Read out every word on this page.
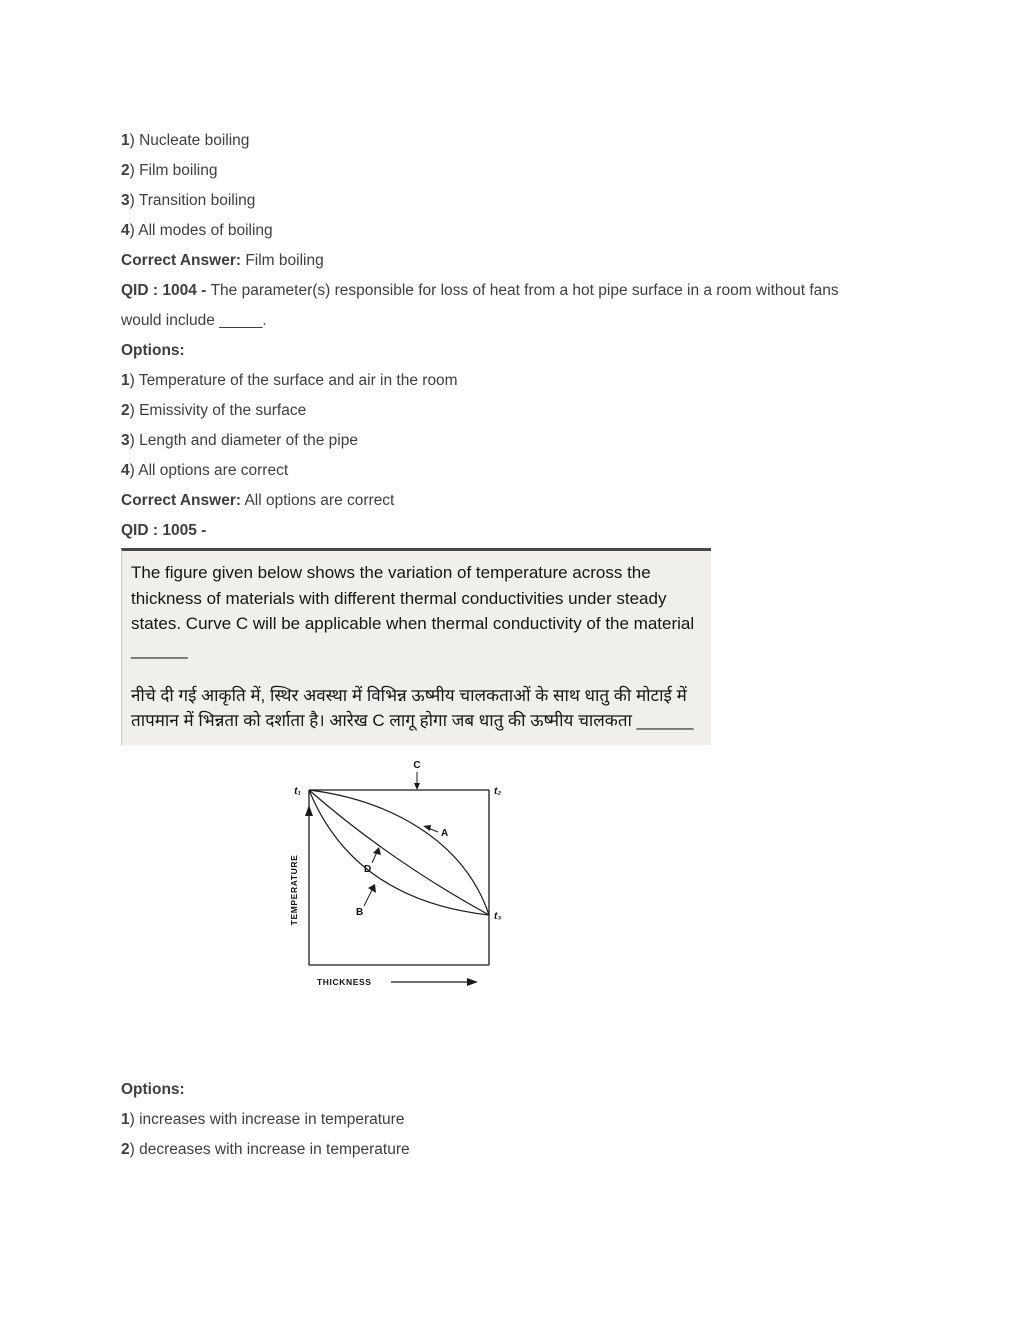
1) Nucleate boiling
2) Film boiling
3) Transition boiling
4) All modes of boiling
Correct Answer: Film boiling
QID : 1004 - The parameter(s) responsible for loss of heat from a hot pipe surface in a room without fans would include _____.
Options:
1) Temperature of the surface and air in the room
2) Emissivity of the surface
3) Length and diameter of the pipe
4) All options are correct
Correct Answer: All options are correct
QID : 1005 -

The figure given below shows the variation of temperature across the thickness of materials with different thermal conductivities under steady states. Curve C will be applicable when thermal conductivity of the material ______

नीचे दी गई आकृति में, स्थिर अवस्था में विभिन्न ऊष्मीय चालकताओं के साथ धातु की मोटाई में तापमान में भिन्नता को दर्शाता है। आरेख C लागू होगा जब धातु की ऊष्मीय चालकता ______

C
t₁	t₂
t₃
A
D
B
TEMPERATURE
THICKNESS
Options:
1) increases with increase in temperature
2) decreases with increase in temperature
